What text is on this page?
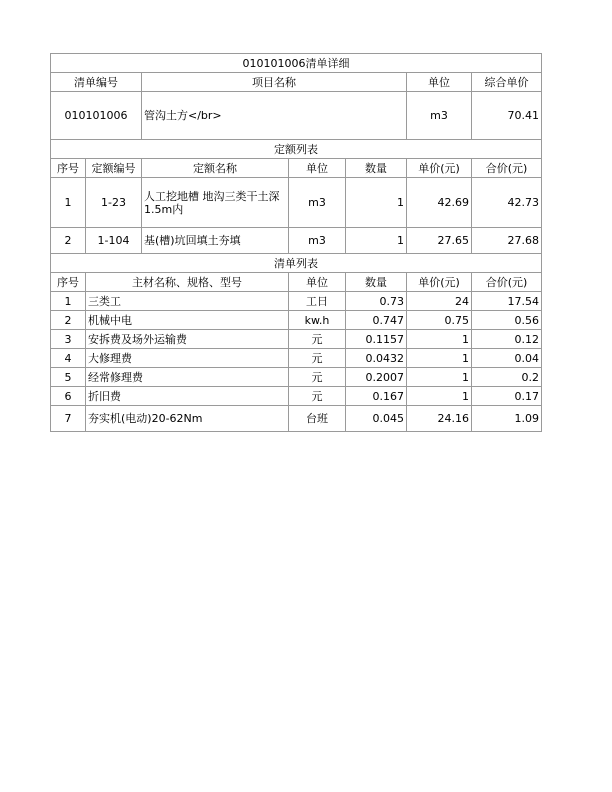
010101006清单详细						
清单编号		项目名称			单位	综合单价
010101006		管沟土方</br>			m3	70.41
定额列表						
序号	定额编号	定额名称	单位	数量	单价(元)	合价(元)
1	1-23	人工挖地槽 地沟三类干土深1.5m内	m3	1	42.69	42.73
2	1-104	基(槽)坑回填土夯填	m3	1	27.65	27.68
清单列表						
序号	主材名称、规格、型号		单位	数量	单价(元)	合价(元)
1	三类工		工日	0.73	24	17.54
2	机械中电		kw.h	0.747	0.75	0.56
3	安拆费及场外运输费		元	0.1157	1	0.12
4	大修理费		元	0.0432	1	0.04
5	经常修理费		元	0.2007	1	0.2
6	折旧费		元	0.167	1	0.17
7	夯实机(电动)20-62Nm		台班	0.045	24.16	1.09
